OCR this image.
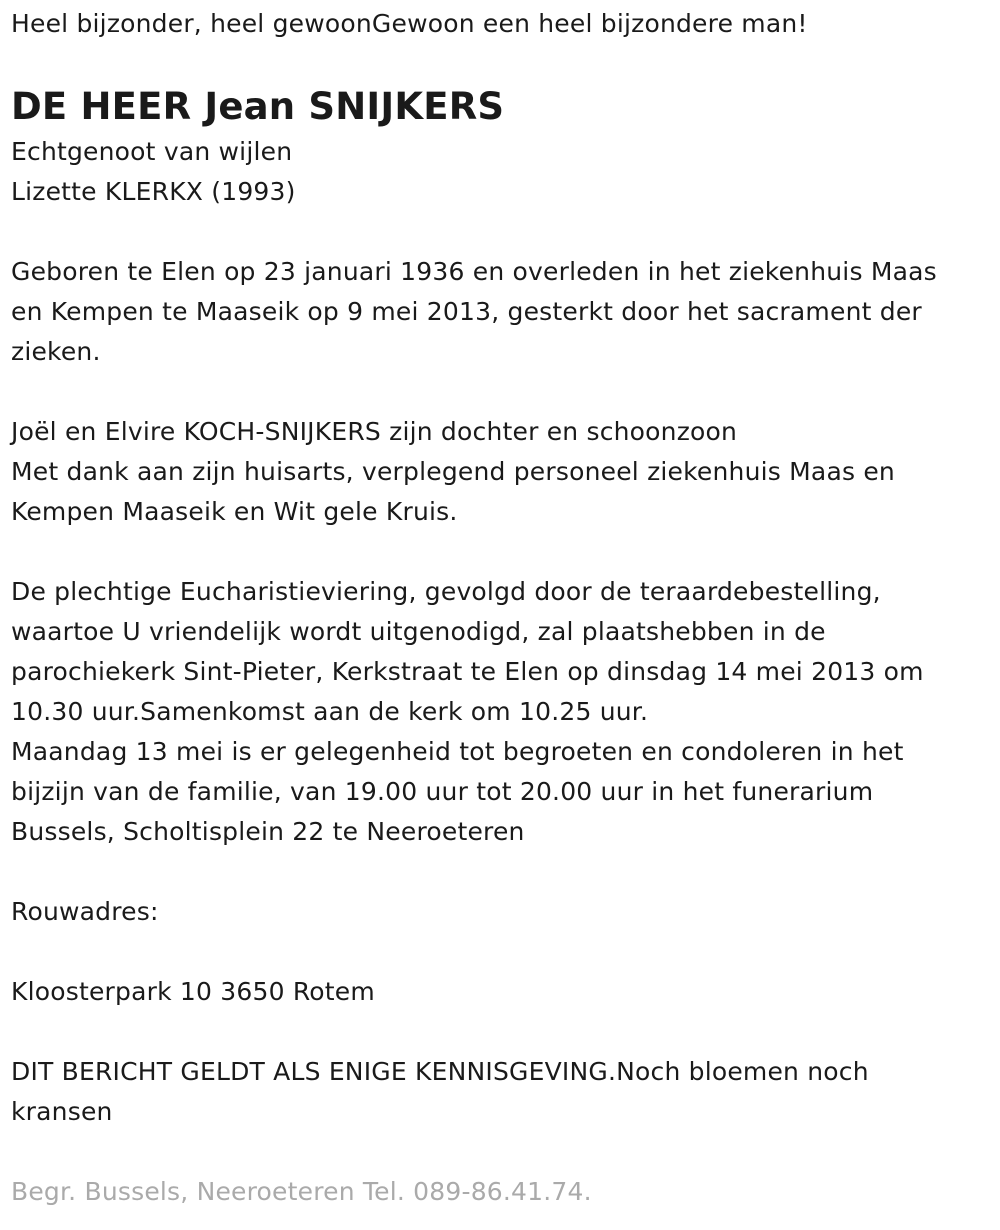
Heel bijzonder, heel gewoonGewoon een heel bijzondere man!

DE HEER Jean SNIJKERS

Echtgenoot van wijlen

Lizette KLERKX (1993)

Geboren te Elen op 23 januari 1936 en overleden in het ziekenhuis Maas

en Kempen te Maaseik op 9 mei 2013, gesterkt door het sacrament der

zieken.

Joël en Elvire KOCH-SNIJKERS zijn dochter en schoonzoon

Met dank aan zijn huisarts, verplegend personeel ziekenhuis Maas en

Kempen Maaseik en Wit gele Kruis.

De plechtige Eucharistieviering, gevolgd door de teraardebestelling,

waartoe U vriendelijk wordt uitgenodigd, zal plaatshebben in de

parochiekerk Sint-Pieter, Kerkstraat te Elen op dinsdag 14 mei 2013 om

10.30 uur.Samenkomst aan de kerk om 10.25 uur.

Maandag 13 mei is er gelegenheid tot begroeten en condoleren in het

bijzijn van de familie, van 19.00 uur tot 20.00 uur in het funerarium

Bussels, Scholtisplein 22 te Neeroeteren

Rouwadres:

Kloosterpark 10 3650 Rotem

DIT BERICHT GELDT ALS ENIGE KENNISGEVING.Noch bloemen noch

kransen

Begr. Bussels, Neeroeteren Tel. 089-86.41.74.
